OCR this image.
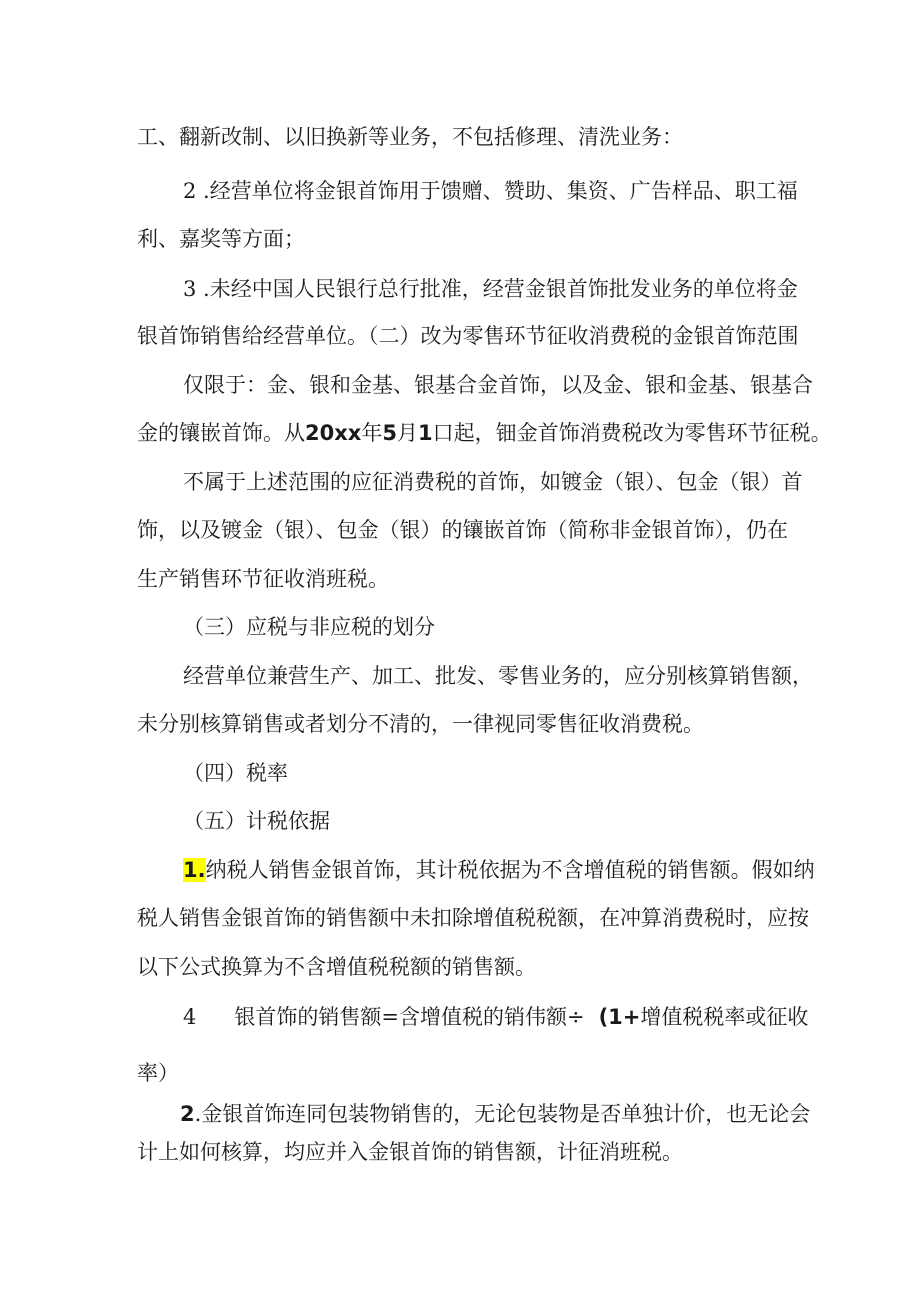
工、翻新改制、以旧换新等业务，不包括修理、清洗业务：
2 .经营单位将金银首饰用于馈赠、赞助、集资、广告样品、职工福
利、嘉奖等方面；
3 .未经中国人民银行总行批准，经营金银首饰批发业务的单位将金
银首饰销售给经营单位。（二）改为零售环节征收消费税的金银首饰范围
仅限于：金、银和金基、银基合金首饰，以及金、银和金基、银基合
金的镶嵌首饰。从20xx年5月1口起，钿金首饰消费税改为零售环节征税。
不属于上述范围的应征消费税的首饰，如镀金（银）、包金（银）首
饰，以及镀金（银）、包金（银）的镶嵌首饰（简称非金银首饰），仍在
生产销售环节征收消班税。
（三）应税与非应税的划分
经营单位兼营生产、加工、批发、零售业务的，应分别核算销售额，
未分别核算销售或者划分不清的，一律视同零售征收消费税。
（四）税率
（五）计税依据
1.纳税人销售金银首饰，其计税依据为不含增值税的销售额。假如纳
税人销售金银首饰的销售额中未扣除增值税税额，在冲算消费税时，应按
以下公式换算为不含增值税税额的销售额。
4 银首饰的销售额=含增值税的销伟额÷ (1+增值税税率或征收
率）
2.金银首饰连同包装物销售的，无论包装物是否单独计价，也无论会
计上如何核算，均应并入金银首饰的销售额，计征消班税。
